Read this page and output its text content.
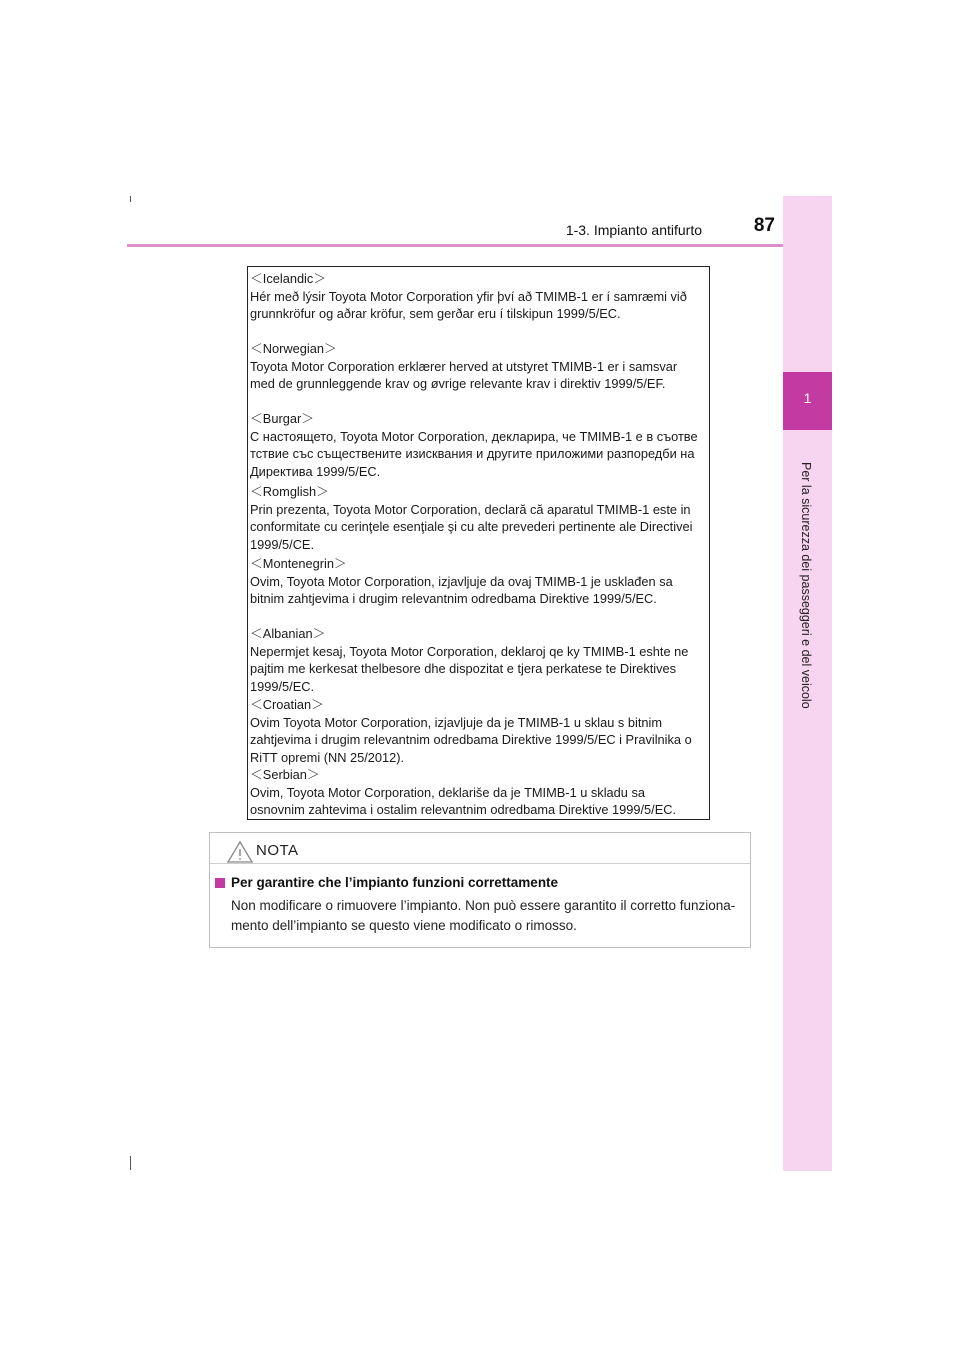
1-3. Impianto antifurto	87
1
Per la sicurezza dei passeggeri e del veicolo
＜Icelandic＞
Hér með lýsir Toyota Motor Corporation yfir því að TMIMB-1 er í samræmi við
grunnkröfur og aðrar kröfur, sem gerðar eru í tilskipun 1999/5/EC.
＜Norwegian＞
Toyota Motor Corporation erklærer herved at utstyret TMIMB-1 er i samsvar
med de grunnleggende krav og øvrige relevante krav i direktiv 1999/5/EF.
＜Burgar＞
С настоящето, Toyota Motor Corporation, декларира, че TMIMB-1 е в съотве
тствие със съществените изисквания и другите приложими разпоредби на
Директива 1999/5/ЕС.
＜Romglish＞
Prin prezenta, Toyota Motor Corporation, declară că aparatul TMIMB-1 este in
conformitate cu cerinţele esenţiale şi cu alte prevederi pertinente ale Directivei
1999/5/CE.
＜Montenegrin＞
Ovim, Toyota Motor Corporation, izjavljuje da ovaj TMIMB-1 je usklađen sa
bitnim zahtjevima i drugim relevantnim odredbama Direktive 1999/5/EC.
＜Albanian＞
Nepermjet kesaj, Toyota Motor Corporation, deklaroj qe ky TMIMB-1 eshte ne
pajtim me kerkesat thelbesore dhe dispozitat e tjera perkatese te Direktives
1999/5/EC.
＜Croatian＞
Ovim Toyota Motor Corporation, izjavljuje da je TMIMB-1 u sklau s bitnim
zahtjevima i drugim relevantnim odredbama Direktive 1999/5/EC i Pravilnika o
RiTT opremi (NN 25/2012).
＜Serbian＞
Ovim, Toyota Motor Corporation, deklariše da je TMIMB-1 u skladu sa
osnovnim zahtevima i ostalim relevantnim odredbama Direktive 1999/5/EC.
NOTA
Per garantire che l’impianto funzioni correttamente
Non modificare o rimuovere l’impianto. Non può essere garantito il corretto funziona-
mento dell’impianto se questo viene modificato o rimosso.
